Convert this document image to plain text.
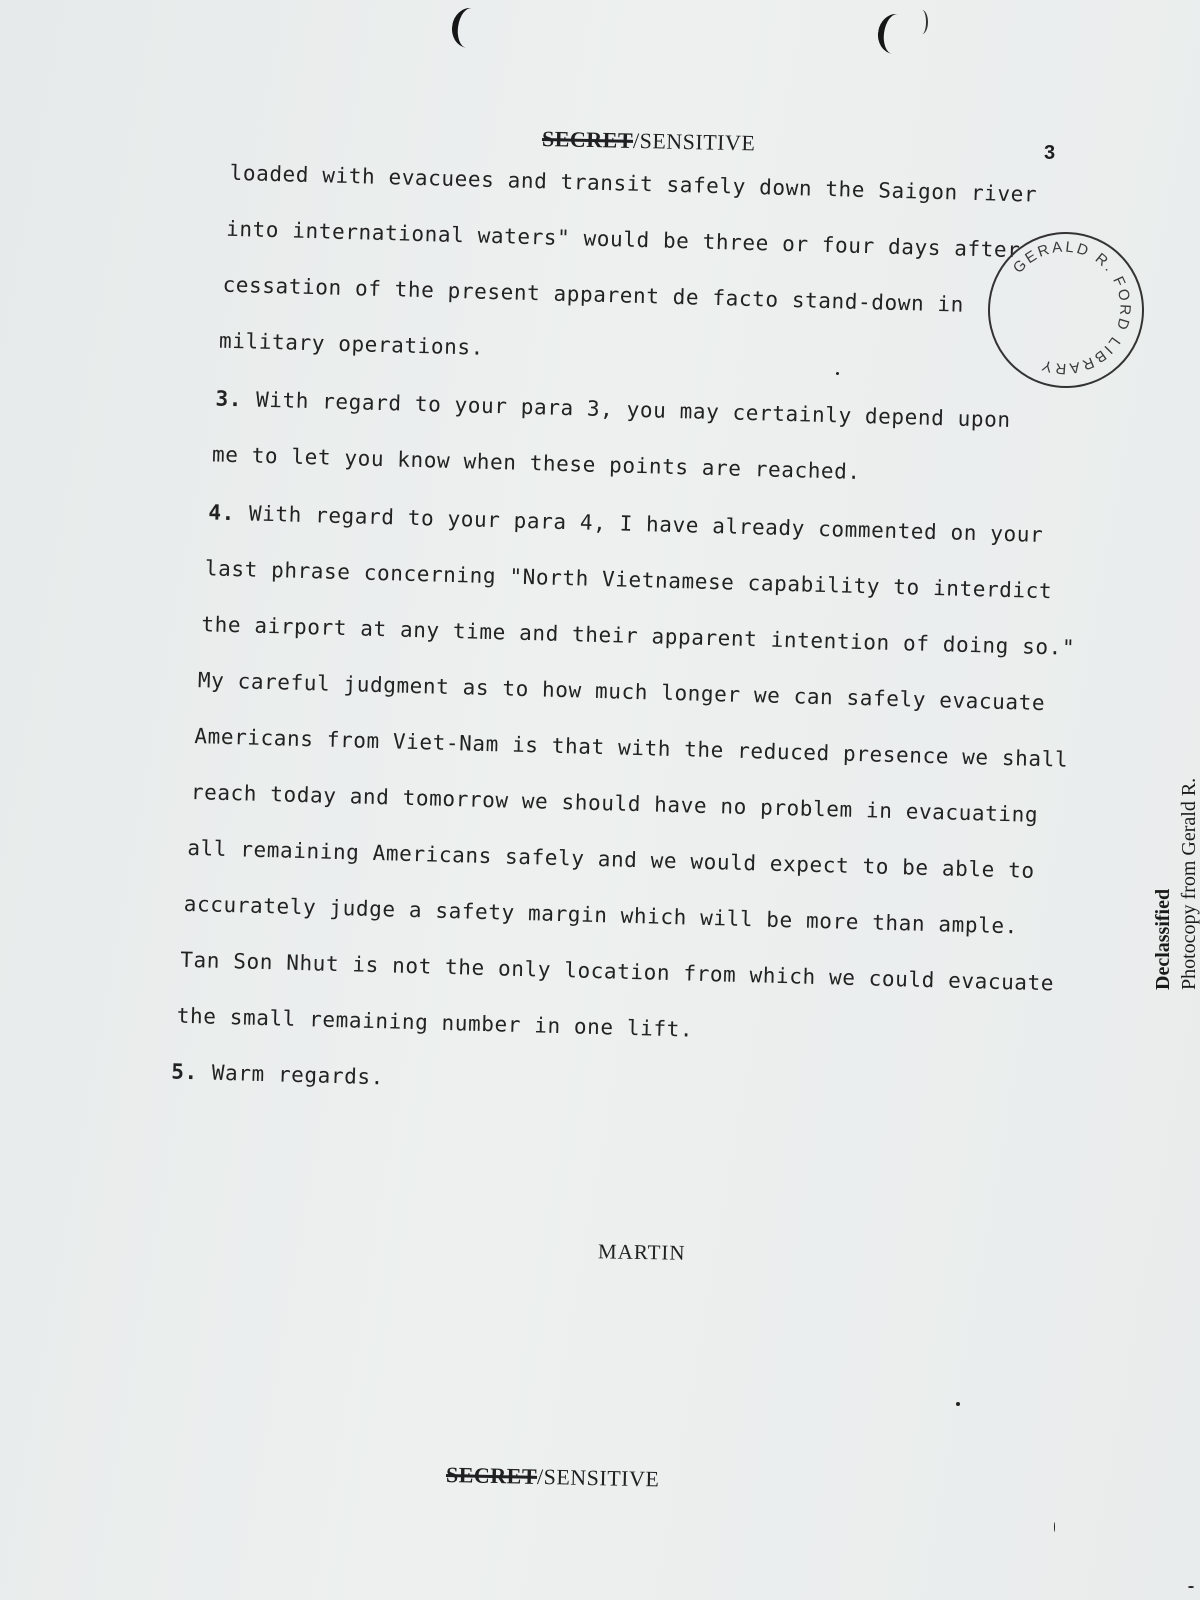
SECRET/SENSITIVE	3
loaded with evacuees and transit safely down the Saigon river
into international waters" would be three or four days after
cessation of the present apparent de facto stand-down in
military operations.
3. With regard to your para 3, you may certainly depend upon
me to let you know when these points are reached.
4. With regard to your para 4, I have already commented on your
last phrase concerning "North Vietnamese capability to interdict
the airport at any time and their apparent intention of doing so."
My careful judgment as to how much longer we can safely evacuate
Americans from Viet-Nam is that with the reduced presence we shall
reach today and tomorrow we should have no problem in evacuating
all remaining Americans safely and we would expect to be able to
accurately judge a safety margin which will be more than ample.
Tan Son Nhut is not the only location from which we could evacuate
the small remaining number in one lift.
5. Warm regards.
GERALD R. FORD LIBRARY
MARTIN
SECRET/SENSITIVE
Declassified Photocopy from Gerald R.
